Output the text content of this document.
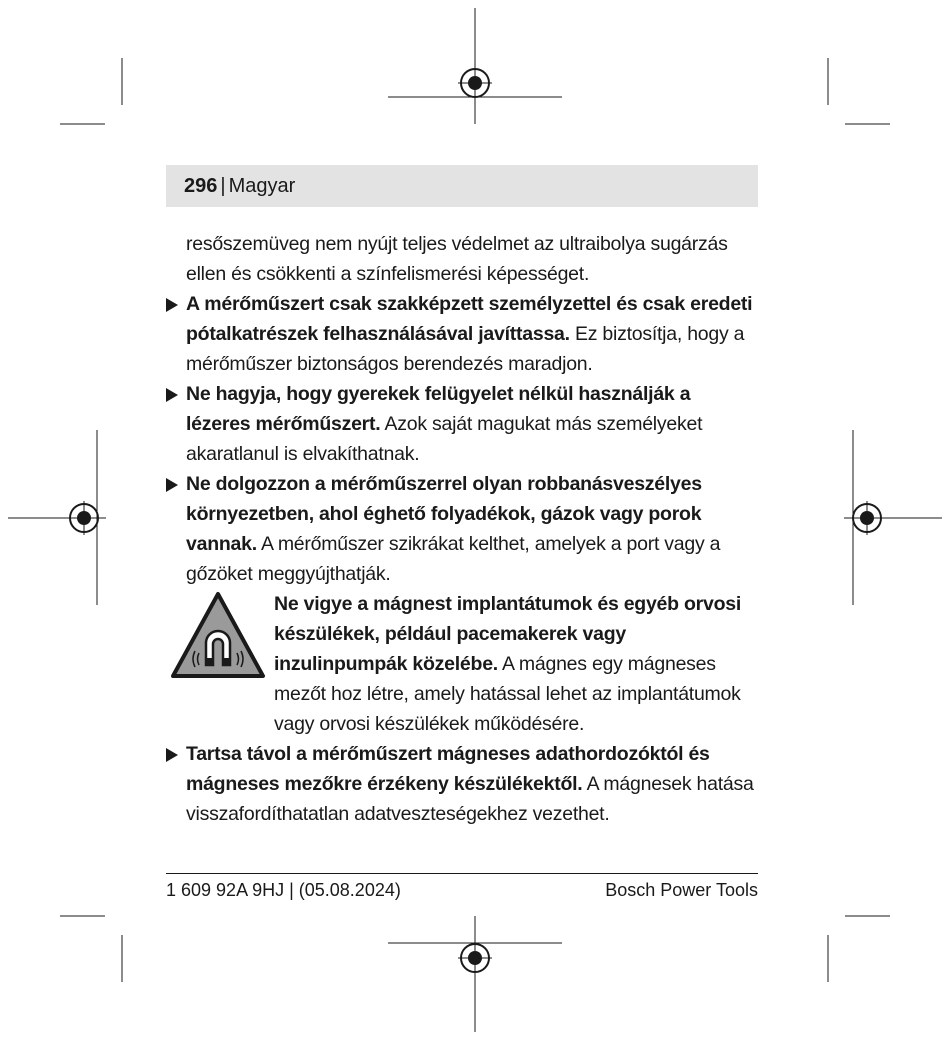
296 | Magyar

resőszemüveg nem nyújt teljes védelmet az ultraibolya sugárzás ellen és csökkenti a színfelismerési képességet.

A mérőműszert csak szakképzett személyzettel és csak eredeti pótalkatrészek felhasználásával javíttassa. Ez biztosítja, hogy a mérőműszer biztonságos berendezés maradjon.
Ne hagyja, hogy gyerekek felügyelet nélkül használják a lézeres mérőműszert. Azok saját magukat más személyeket akaratlanul is elvakíthatnak.
Ne dolgozzon a mérőműszerrel olyan robbanásveszélyes környezetben, ahol éghető folyadékok, gázok vagy porok vannak. A mérőműszer szikrákat kelthet, amelyek a port vagy a gőzöket meggyújthatják.
Ne vigye a mágnest implantátumok és egyéb orvosi készülékek, például pacemakerek vagy inzulinpumpák közelébe. A mágnes egy mágneses mezőt hoz létre, amely hatással lehet az implantátumok vagy orvosi készülékek működésére.
Tartsa távol a mérőműszert mágneses adathordozóktól és mágneses mezőkre érzékeny készülékektől. A mágnesek hatása visszafordíthatatlan adatveszteségekhez vezethet.
1 609 92A 9HJ | (05.08.2024)	Bosch Power Tools
